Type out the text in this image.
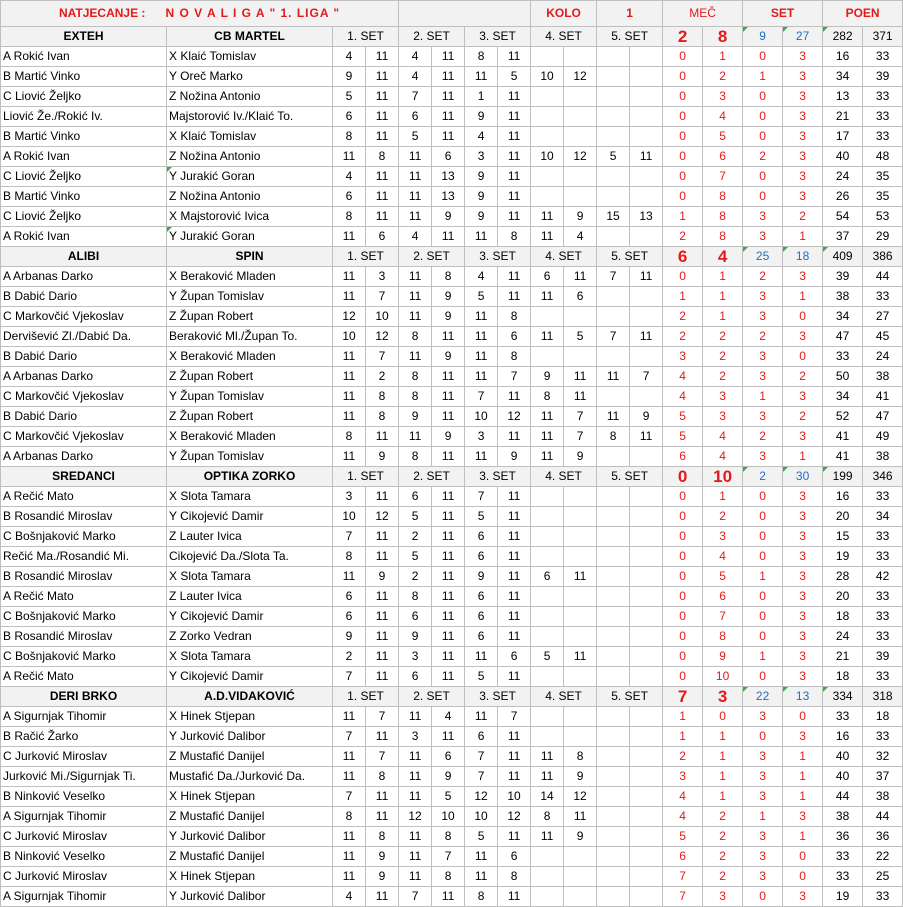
NATJECANJE : N O V A L I G A " 1. LIGA "								KOLO		1		MEČ		SET		POEN	
EXTEH	CB MARTEL	1. SET		2. SET		3. SET		4. SET		5. SET		2	8	9	27	282	371
A Rokić Ivan	X Klaić Tomislav	4	11	4	11	8	11					0	1	0	3	16	33
B Martić Vinko	Y Oreč Marko	9	11	4	11	11	5	10	12			0	2	1	3	34	39
C Liović Željko	Z Nožina Antonio	5	11	7	11	1	11					0	3	0	3	13	33
Liović Že./Rokić Iv.	Majstorović Iv./Klaić To.	6	11	6	11	9	11					0	4	0	3	21	33
B Martić Vinko	X Klaić Tomislav	8	11	5	11	4	11					0	5	0	3	17	33
A Rokić Ivan	Z Nožina Antonio	11	8	11	6	3	11	10	12	5	11	0	6	2	3	40	48
C Liović Željko	Y Jurakić Goran	4	11	11	13	9	11					0	7	0	3	24	35
B Martić Vinko	Z Nožina Antonio	6	11	11	13	9	11					0	8	0	3	26	35
C Liović Željko	X Majstorović Ivica	8	11	11	9	9	11	11	9	15	13	1	8	3	2	54	53
A Rokić Ivan	Y Jurakić Goran	11	6	4	11	11	8	11	4			2	8	3	1	37	29
ALIBI	SPIN	1. SET		2. SET		3. SET		4. SET		5. SET		6	4	25	18	409	386
A Arbanas Darko	X Beraković Mladen	11	3	11	8	4	11	6	11	7	11	0	1	2	3	39	44
B Dabić Dario	Y Župan Tomislav	11	7	11	9	5	11	11	6			1	1	3	1	38	33
C Markovčić Vjekoslav	Z Župan Robert	12	10	11	9	11	8					2	1	3	0	34	27
Dervišević Zl./Dabić Da.	Beraković Ml./Župan To.	10	12	8	11	11	6	11	5	7	11	2	2	2	3	47	45
B Dabić Dario	X Beraković Mladen	11	7	11	9	11	8					3	2	3	0	33	24
A Arbanas Darko	Z Župan Robert	11	2	8	11	11	7	9	11	11	7	4	2	3	2	50	38
C Markovčić Vjekoslav	Y Župan Tomislav	11	8	8	11	7	11	8	11			4	3	1	3	34	41
B Dabić Dario	Z Župan Robert	11	8	9	11	10	12	11	7	11	9	5	3	3	2	52	47
C Markovčić Vjekoslav	X Beraković Mladen	8	11	11	9	3	11	11	7	8	11	5	4	2	3	41	49
A Arbanas Darko	Y Župan Tomislav	11	9	8	11	11	9	11	9			6	4	3	1	41	38
SREDANCI	OPTIKA ZORKO	1. SET		2. SET		3. SET		4. SET		5. SET		0	10	2	30	199	346
A Rečić Mato	X Slota Tamara	3	11	6	11	7	11					0	1	0	3	16	33
B Rosandić Miroslav	Y Cikojević Damir	10	12	5	11	5	11					0	2	0	3	20	34
C Bošnjaković Marko	Z Lauter Ivica	7	11	2	11	6	11					0	3	0	3	15	33
Rečić Ma./Rosandić Mi.	Cikojević Da./Slota Ta.	8	11	5	11	6	11					0	4	0	3	19	33
B Rosandić Miroslav	X Slota Tamara	11	9	2	11	9	11	6	11			0	5	1	3	28	42
A Rečić Mato	Z Lauter Ivica	6	11	8	11	6	11					0	6	0	3	20	33
C Bošnjaković Marko	Y Cikojević Damir	6	11	6	11	6	11					0	7	0	3	18	33
B Rosandić Miroslav	Z Zorko Vedran	9	11	9	11	6	11					0	8	0	3	24	33
C Bošnjaković Marko	X Slota Tamara	2	11	3	11	11	6	5	11			0	9	1	3	21	39
A Rečić Mato	Y Cikojević Damir	7	11	6	11	5	11					0	10	0	3	18	33
DERI BRKO	A.D.VIDAKOVIĆ	1. SET		2. SET		3. SET		4. SET		5. SET		7	3	22	13	334	318
A Sigurnjak Tihomir	X Hinek Stjepan	11	7	11	4	11	7					1	0	3	0	33	18
B Račić Žarko	Y Jurković Dalibor	7	11	3	11	6	11					1	1	0	3	16	33
C Jurković Miroslav	Z Mustafić Danijel	11	7	11	6	7	11	11	8			2	1	3	1	40	32
Jurković Mi./Sigurnjak Ti.	Mustafić Da./Jurković Da.	11	8	11	9	7	11	11	9			3	1	3	1	40	37
B Ninković Veselko	X Hinek Stjepan	7	11	11	5	12	10	14	12			4	1	3	1	44	38
A Sigurnjak Tihomir	Z Mustafić Danijel	8	11	12	10	10	12	8	11			4	2	1	3	38	44
C Jurković Miroslav	Y Jurković Dalibor	11	8	11	8	5	11	11	9			5	2	3	1	36	36
B Ninković Veselko	Z Mustafić Danijel	11	9	11	7	11	6					6	2	3	0	33	22
C Jurković Miroslav	X Hinek Stjepan	11	9	11	8	11	8					7	2	3	0	33	25
A Sigurnjak Tihomir	Y Jurković Dalibor	4	11	7	11	8	11					7	3	0	3	19	33
